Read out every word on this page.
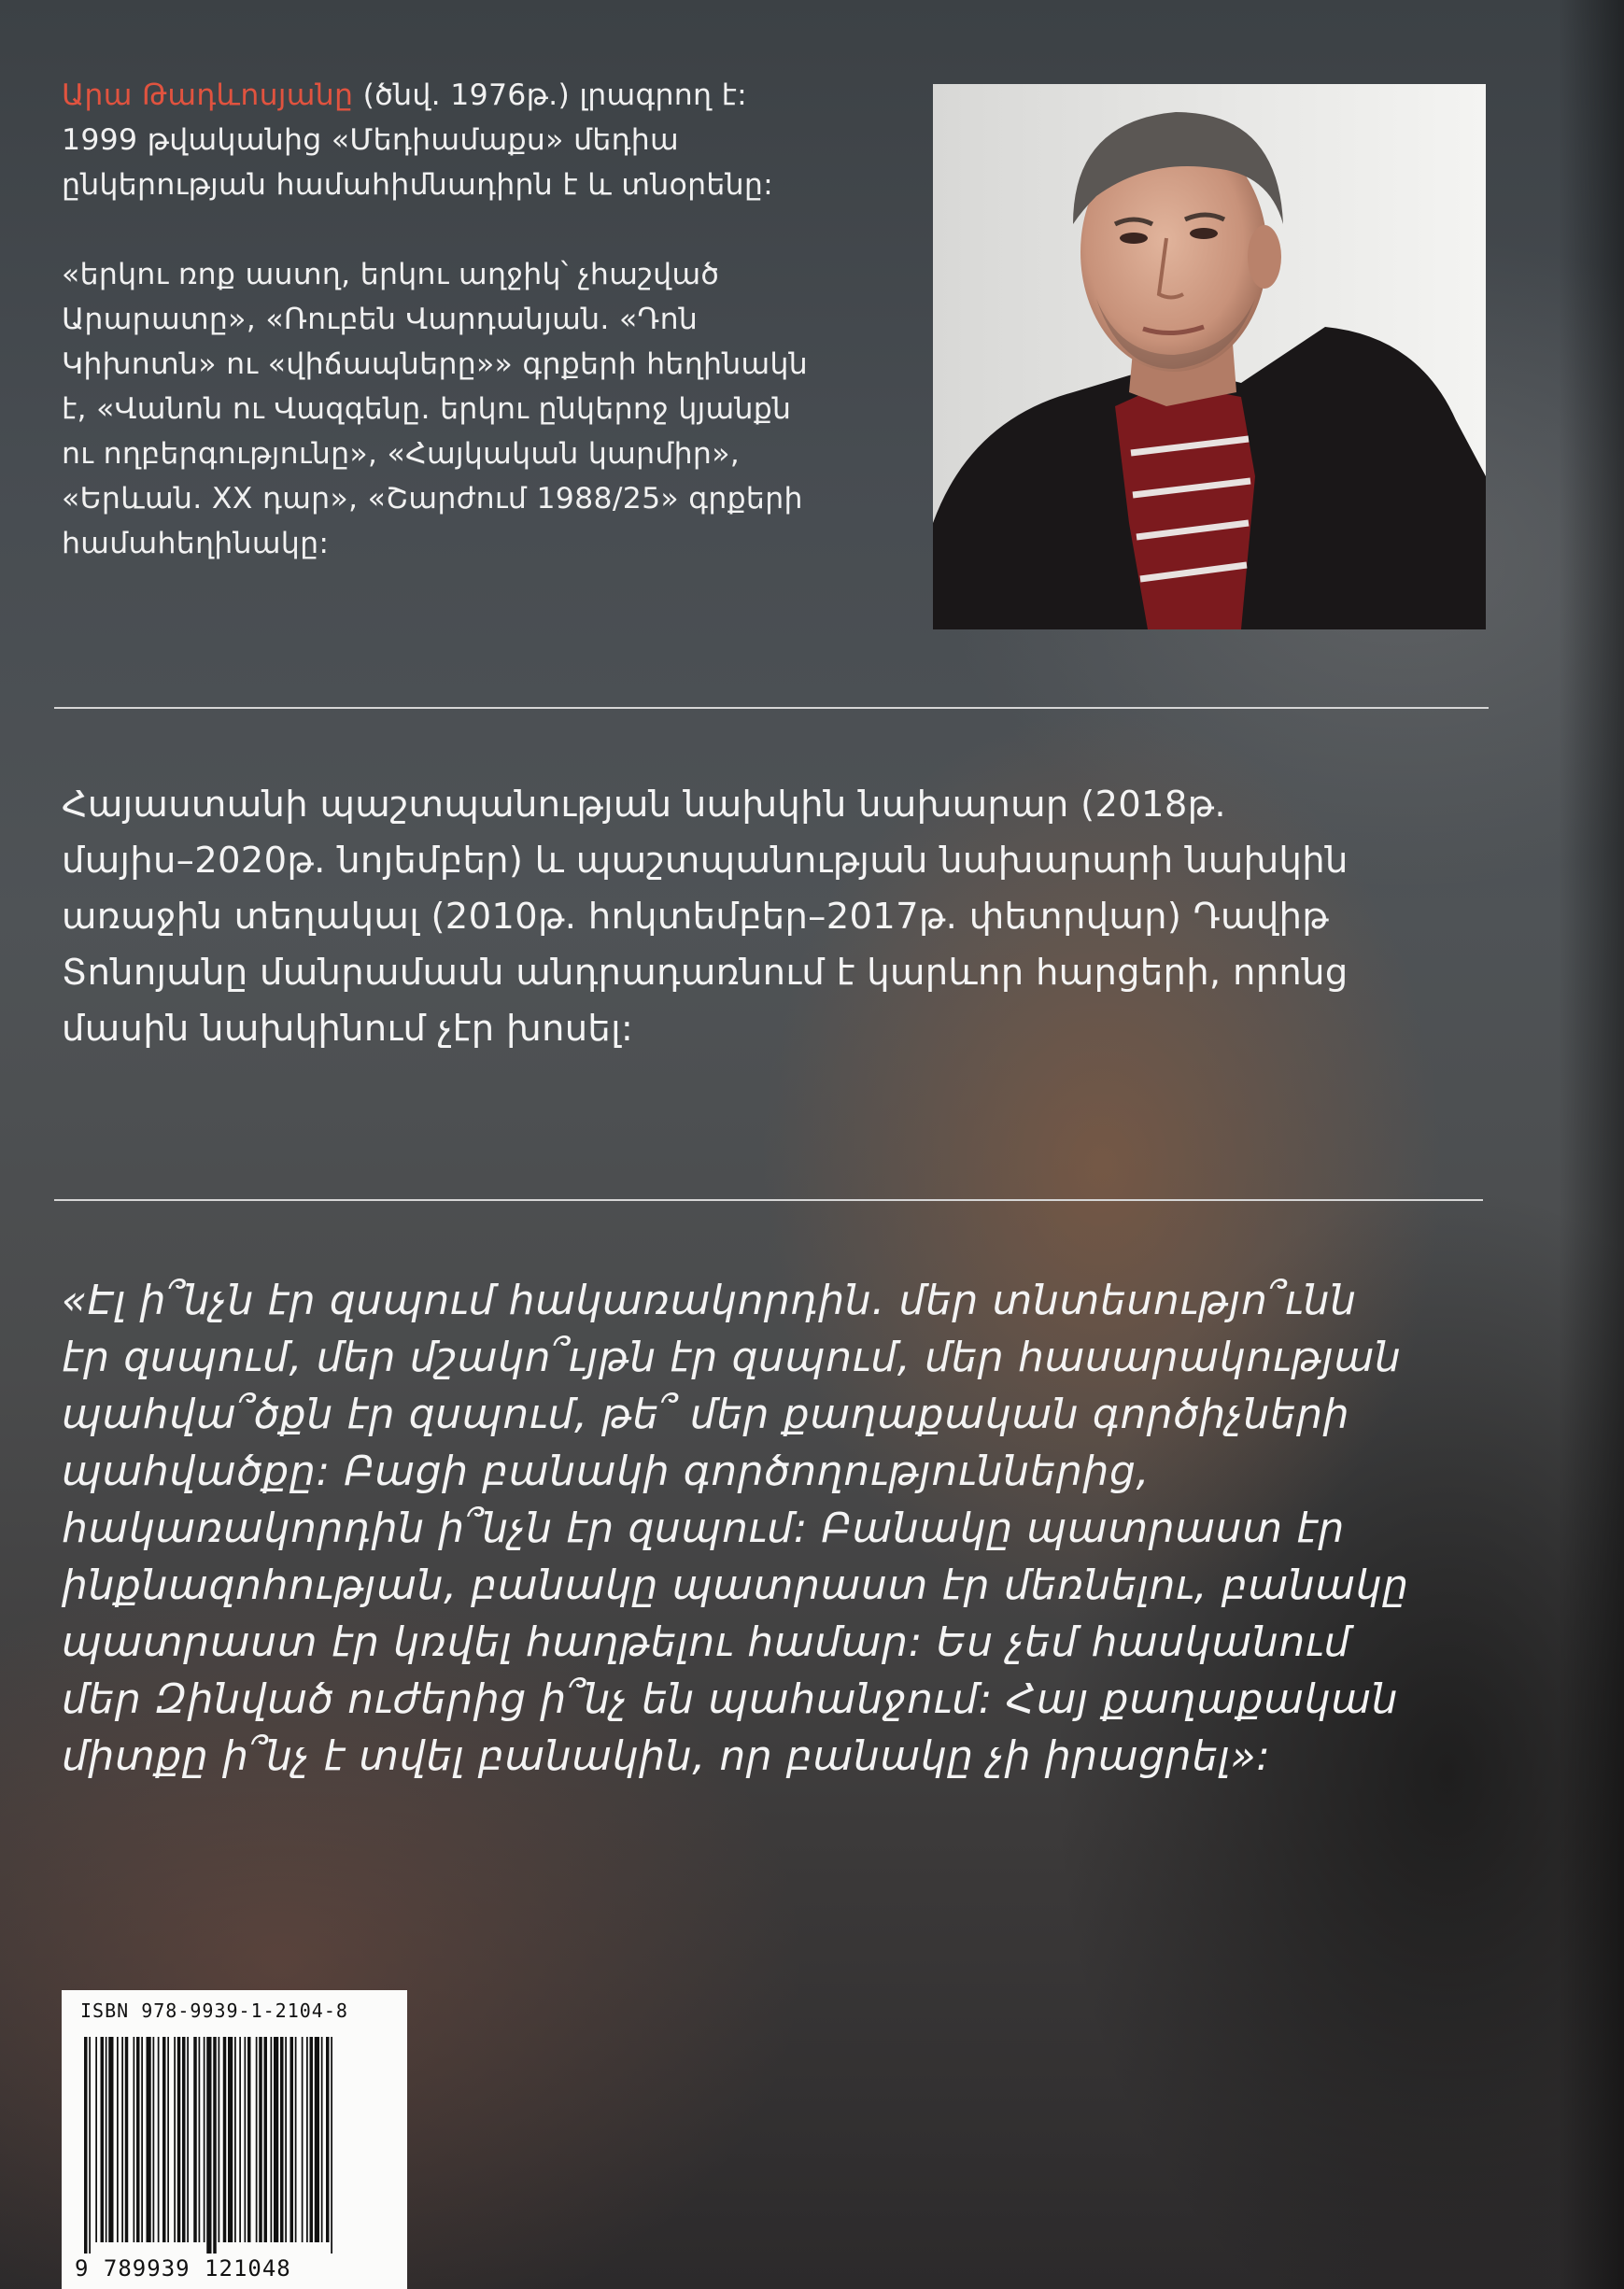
Արա Թադևոսյանը (ծնվ. 1976թ.) լրագրող է:

1999 թվականից «Մեդիամաքս» մեդիա

ընկերության համահիմնադիրն է և տնօրենը:

«երկու ռոք աստղ, երկու աղջիկ՝ չհաշված

Արարատը», «Ռուբեն Վարդանյան. «Դոն

Կիխոտն» ու «վիճապները»» գրքերի հեղինակն

է, «Վանոն ու Վազգենը. երկու ընկերոջ կյանքն

ու ողբերգությունը», «Հայկական կարմիր»,

«Երևան. XX դար», «Շարժում 1988/25» գրքերի

համահեղինակը:

Հայաստանի պաշտպանության նախկին նախարար (2018թ.

մայիս–2020թ. նոյեմբեր) և պաշտպանության նախարարի նախկին

առաջին տեղակալ (2010թ. հոկտեմբեր–2017թ. փետրվար) Դավիթ

Տոնոյանը մանրամասն անդրադառնում է կարևոր հարցերի, որոնց

մասին նախկինում չէր խոսել:

«Էլ ի՞նչն էր զսպում հակառակորդին. մեր տնտեսությո՞ւնն

էր զսպում, մեր մշակո՞ւյթն էր զսպում, մեր հասարակության

պահվա՞ծքն էր զսպում, թե՞ մեր քաղաքական գործիչների

պահվածքը: Բացի բանակի գործողություններից,

հակառակորդին ի՞նչն էր զսպում: Բանակը պատրաստ էր

ինքնազոհության, բանակը պատրաստ էր մեռնելու, բանակը

պատրաստ էր կռվել հաղթելու համար: Ես չեմ հասկանում

մեր Զինված ուժերից ի՞նչ են պահանջում: Հայ քաղաքական

միտքը ի՞նչ է տվել բանակին, որ բանակը չի իրացրել»:

ISBN 978-9939-1-2104-8
9 789939 121048
